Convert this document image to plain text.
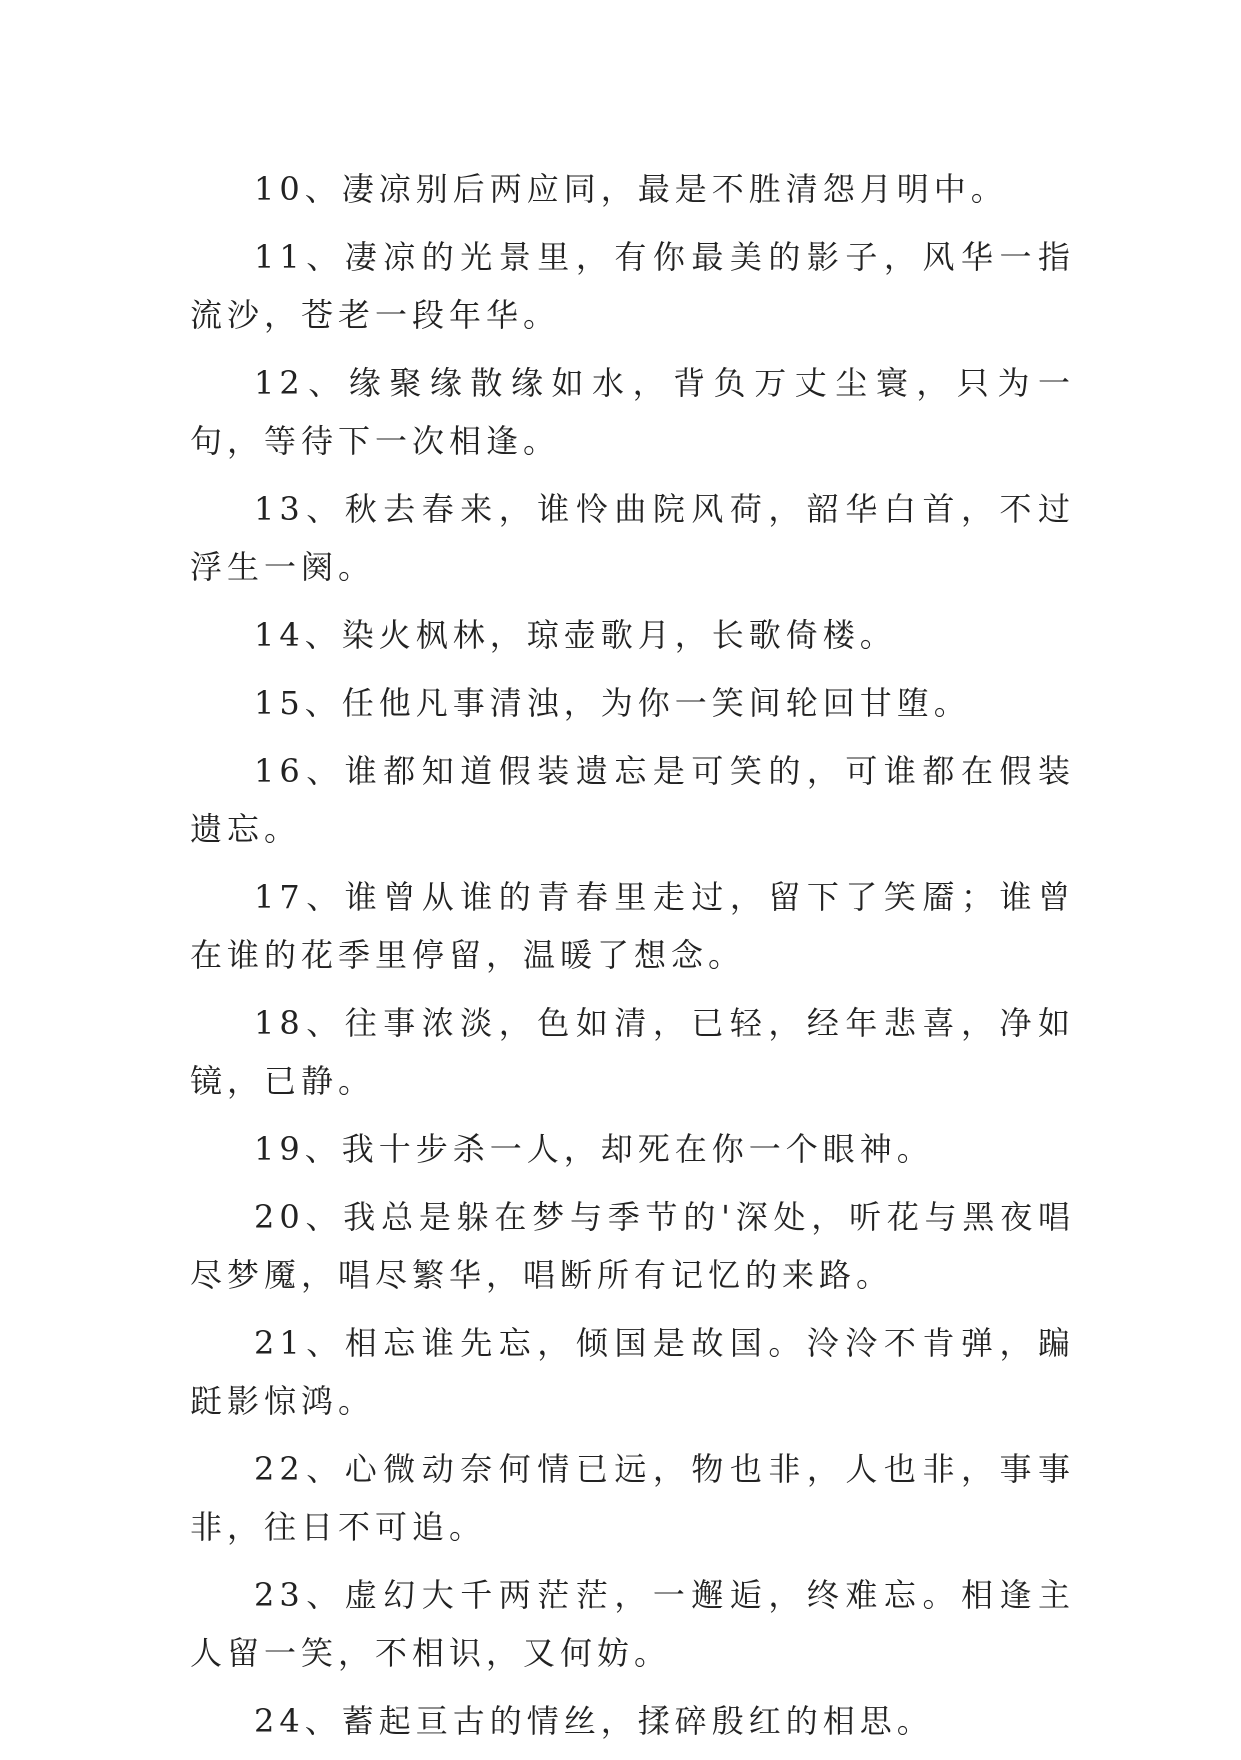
10、凄凉别后两应同，最是不胜清怨月明中。

11、凄凉的光景里，有你最美的影子，风华一指流沙，苍老一段年华。

12、缘聚缘散缘如水，背负万丈尘寰，只为一句，等待下一次相逢。

13、秋去春来，谁怜曲院风荷，韶华白首，不过浮生一阕。

14、染火枫林，琼壶歌月，长歌倚楼。

15、任他凡事清浊，为你一笑间轮回甘堕。

16、谁都知道假装遗忘是可笑的，可谁都在假装遗忘。

17、谁曾从谁的青春里走过，留下了笑靥；谁曾在谁的花季里停留，温暖了想念。

18、往事浓淡，色如清，已轻，经年悲喜，净如镜，已静。

19、我十步杀一人，却死在你一个眼神。

20、我总是躲在梦与季节的'深处，听花与黑夜唱尽梦魇，唱尽繁华，唱断所有记忆的来路。

21、相忘谁先忘，倾国是故国。泠泠不肯弹，蹁跹影惊鸿。

22、心微动奈何情已远，物也非，人也非，事事非，往日不可追。

23、虚幻大千两茫茫，一邂逅，终难忘。相逢主人留一笑，不相识，又何妨。

24、蓄起亘古的情丝，揉碎殷红的相思。
